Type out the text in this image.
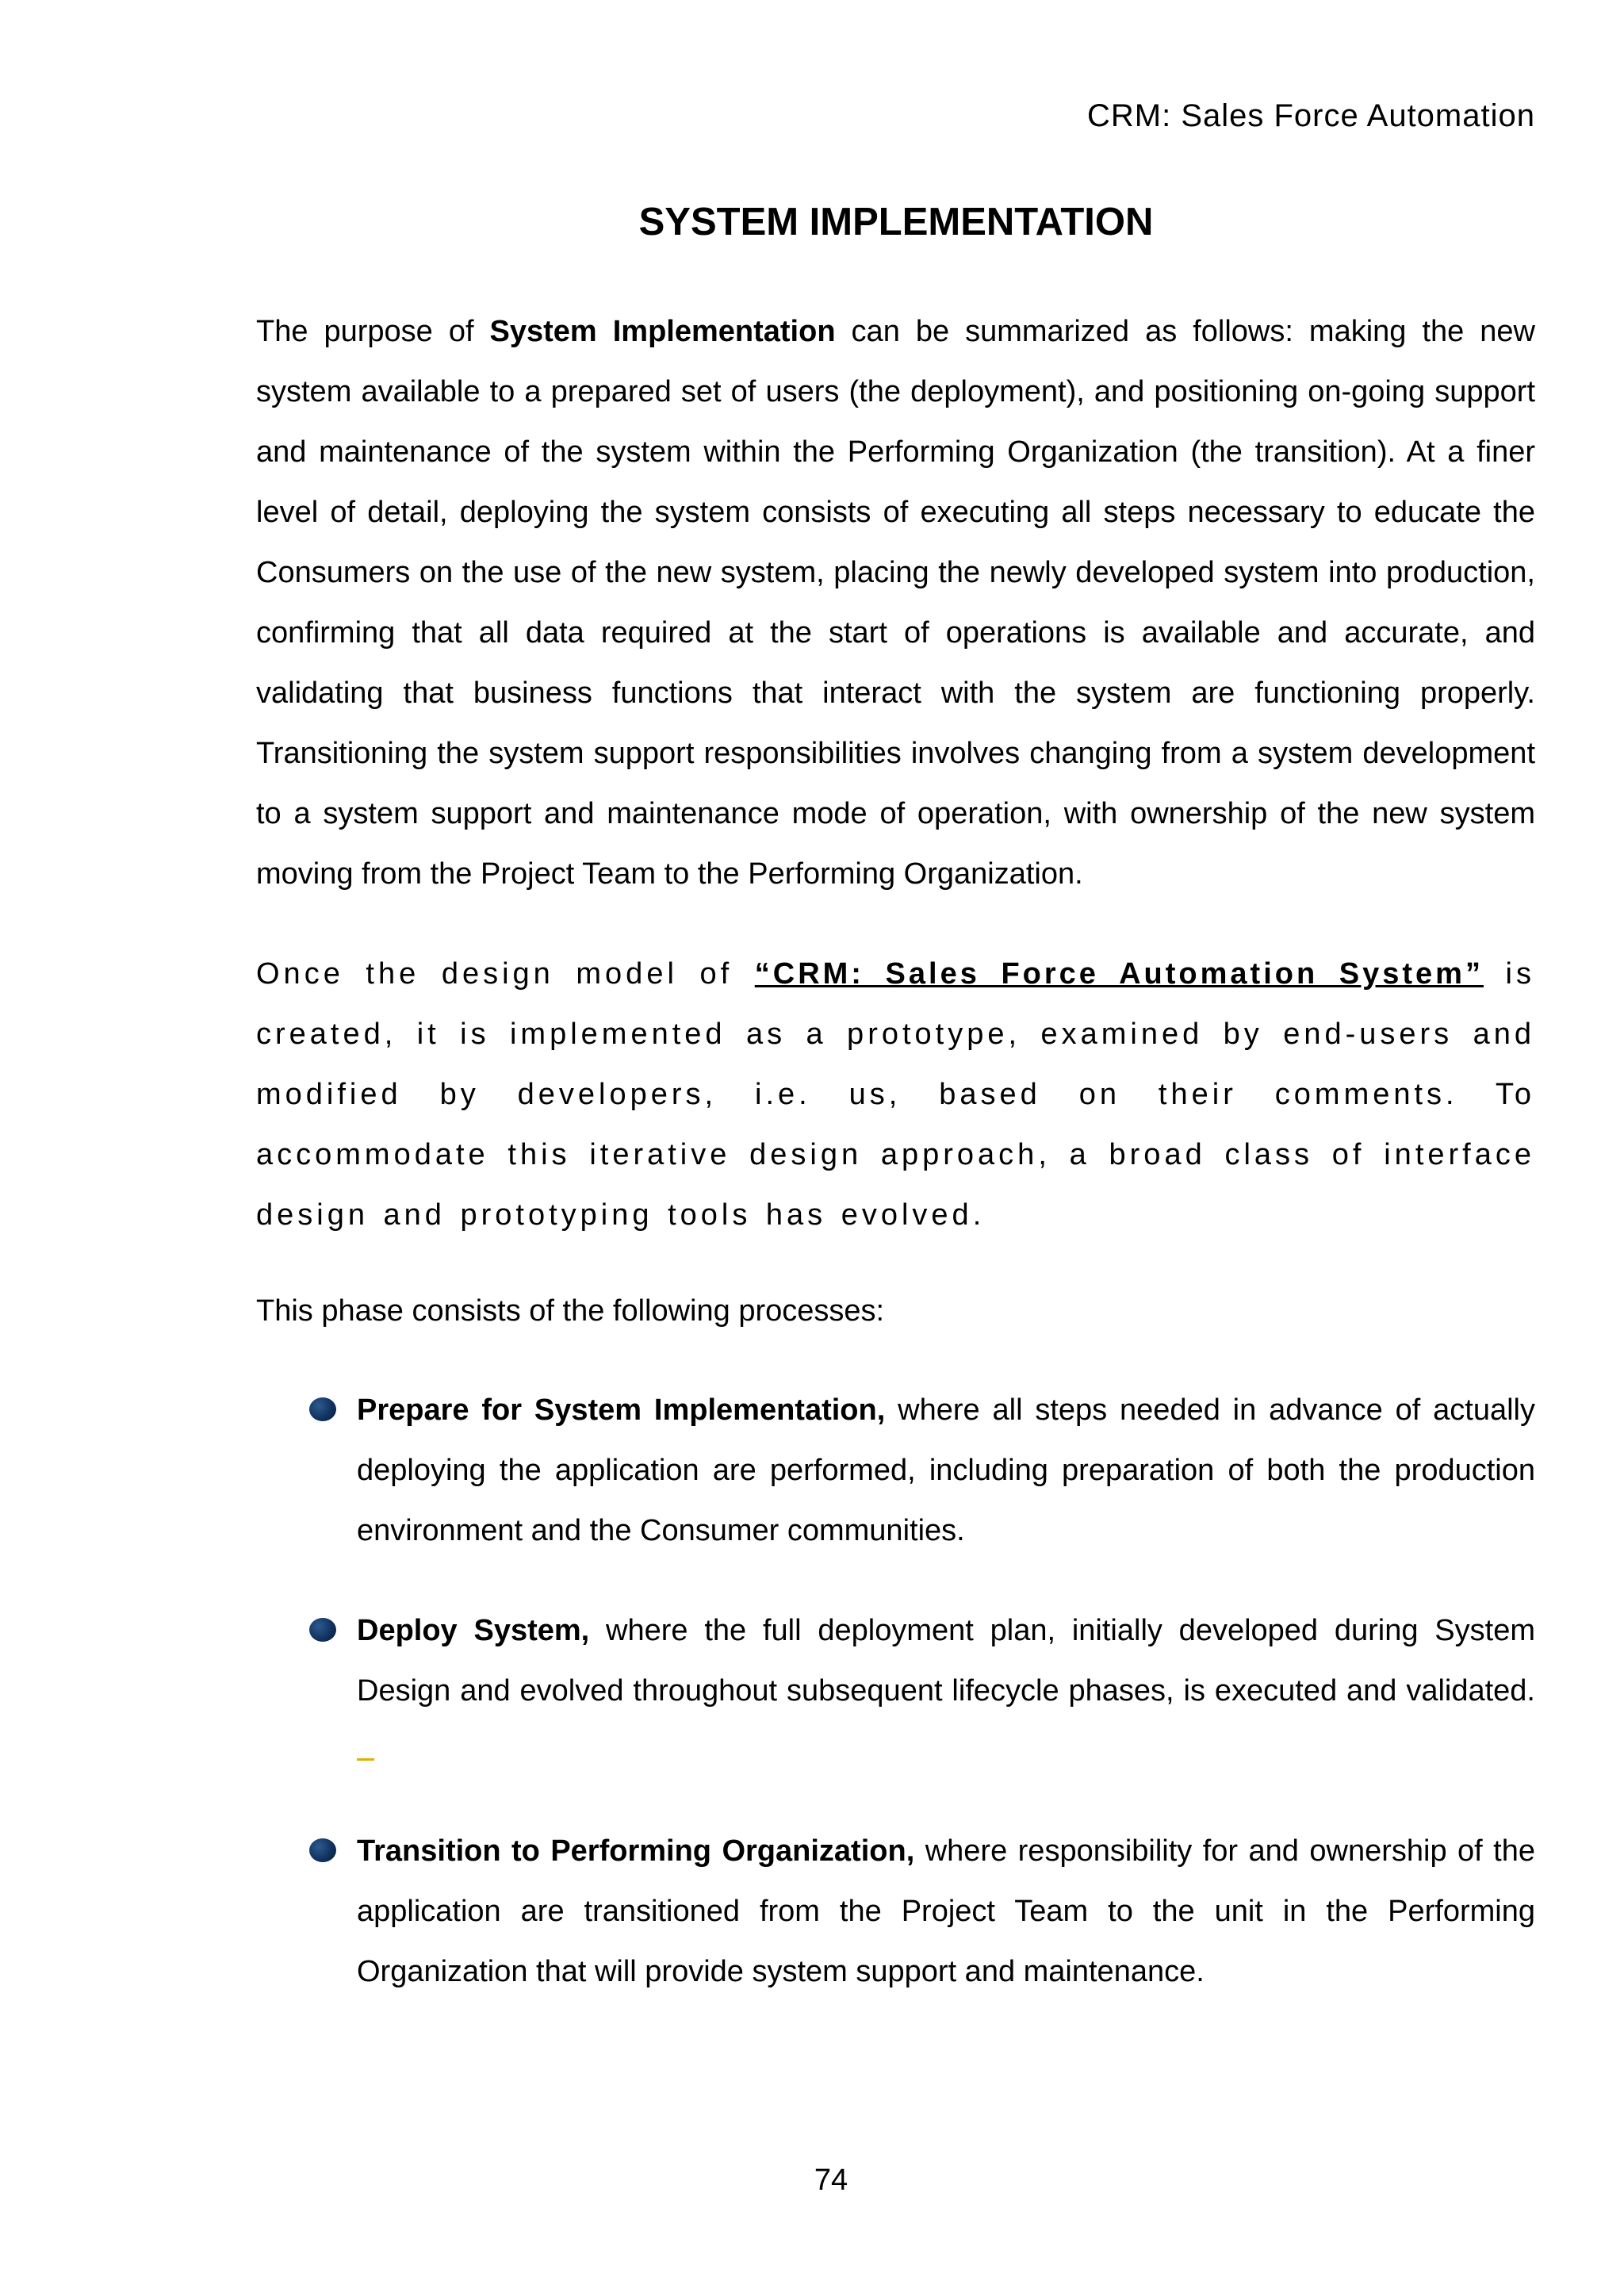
CRM: Sales Force Automation
SYSTEM IMPLEMENTATION

The purpose of System Implementation can be summarized as follows: making the new system available to a prepared set of users (the deployment), and positioning on-going support and maintenance of the system within the Performing Organization (the transition). At a finer level of detail, deploying the system consists of executing all steps necessary to educate the Consumers on the use of the new system, placing the newly developed system into production, confirming that all data required at the start of operations is available and accurate, and validating that business functions that interact with the system are functioning properly. Transitioning the system support responsibilities involves changing from a system development to a system support and maintenance mode of operation, with ownership of the new system moving from the Project Team to the Performing Organization.

Once the design model of “CRM: Sales Force Automation System” is created, it is implemented as a prototype, examined by end-users and modified by developers, i.e. us, based on their comments. To accommodate this iterative design approach, a broad class of interface design and prototyping tools has evolved.

This phase consists of the following processes:

Prepare for System Implementation, where all steps needed in advance of actually deploying the application are performed, including preparation of both the production environment and the Consumer communities.
Deploy System, where the full deployment plan, initially developed during System Design and evolved throughout subsequent lifecycle phases, is executed and validated.
Transition to Performing Organization, where responsibility for and ownership of the application are transitioned from the Project Team to the unit in the Performing Organization that will provide system support and maintenance.
74
